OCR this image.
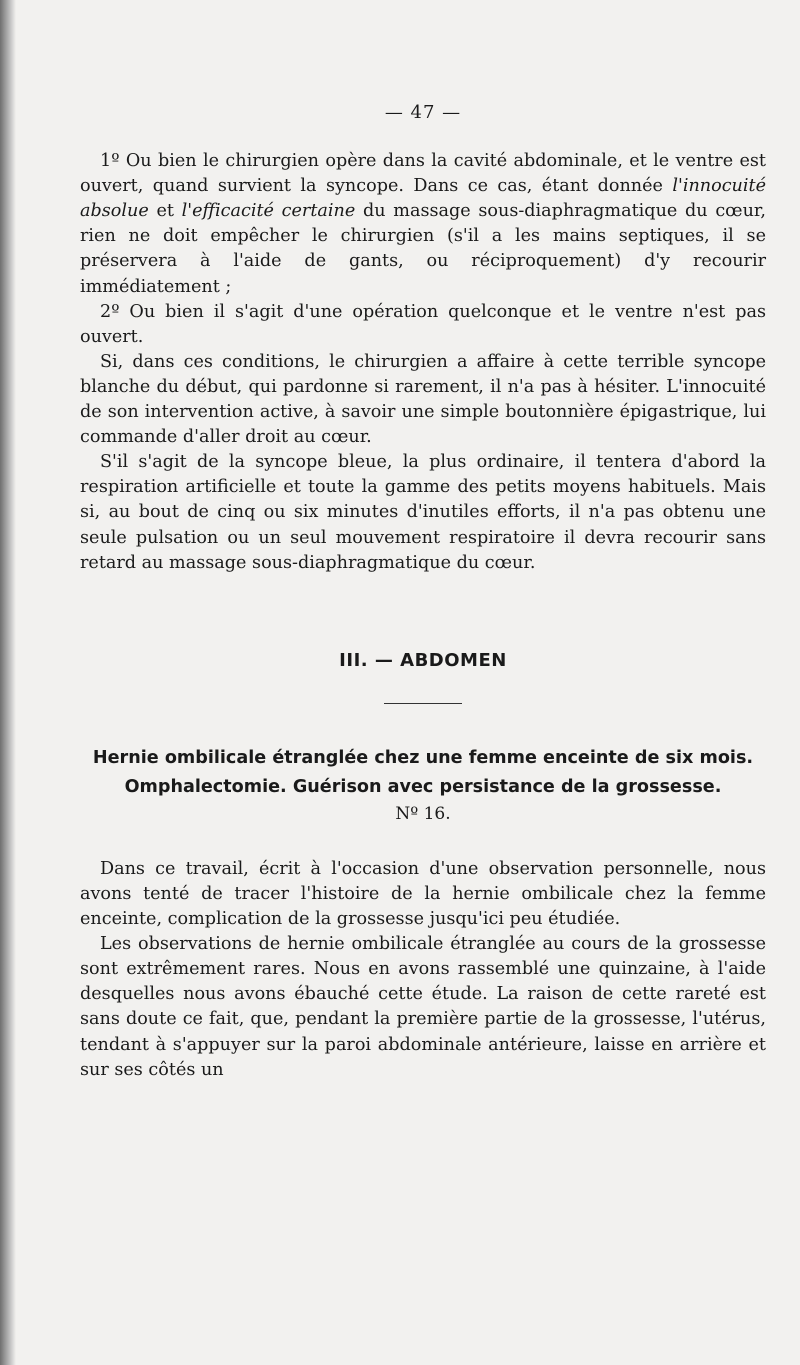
— 47 —

1º Ou bien le chirurgien opère dans la cavité abdominale, et le ventre est ouvert, quand survient la syncope. Dans ce cas, étant donnée l'innocuité absolue et l'efficacité certaine du massage sous-diaphragmatique du cœur, rien ne doit empêcher le chirurgien (s'il a les mains septiques, il se préservera à l'aide de gants, ou réciproquement) d'y recourir immédiatement ;

2º Ou bien il s'agit d'une opération quelconque et le ventre n'est pas ouvert.

Si, dans ces conditions, le chirurgien a affaire à cette terrible syncope blanche du début, qui pardonne si rarement, il n'a pas à hésiter. L'innocuité de son intervention active, à savoir une simple boutonnière épigastrique, lui commande d'aller droit au cœur.

S'il s'agit de la syncope bleue, la plus ordinaire, il tentera d'abord la respiration artificielle et toute la gamme des petits moyens habituels. Mais si, au bout de cinq ou six minutes d'inutiles efforts, il n'a pas obtenu une seule pulsation ou un seul mouvement respiratoire il devra recourir sans retard au massage sous-diaphragmatique du cœur.

III. — ABDOMEN
Hernie ombilicale étranglée chez une femme enceinte de six mois.
Omphalectomie. Guérison avec persistance de la grossesse.
Nº 16.

Dans ce travail, écrit à l'occasion d'une observation personnelle, nous avons tenté de tracer l'histoire de la hernie ombilicale chez la femme enceinte, complication de la grossesse jusqu'ici peu étudiée.

Les observations de hernie ombilicale étranglée au cours de la grossesse sont extrêmement rares. Nous en avons rassemblé une quinzaine, à l'aide desquelles nous avons ébauché cette étude. La raison de cette rareté est sans doute ce fait, que, pendant la première partie de la grossesse, l'utérus, tendant à s'appuyer sur la paroi abdominale antérieure, laisse en arrière et sur ses côtés un
